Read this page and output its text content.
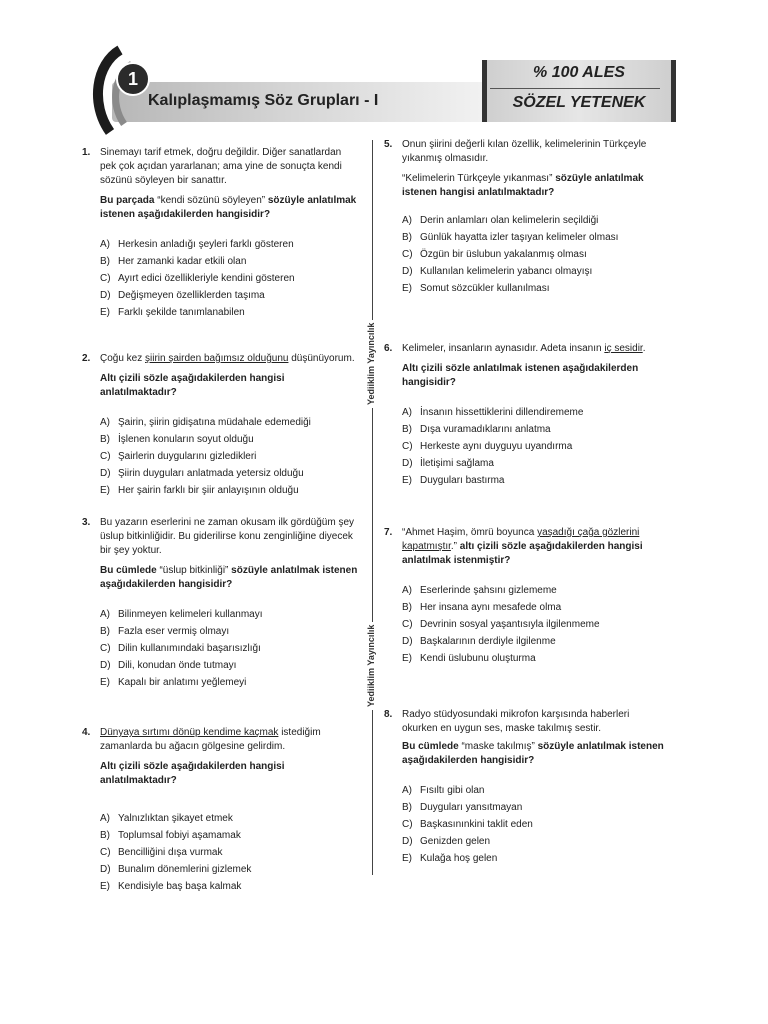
1
Kalıplaşmamış Söz Grupları - I
% 100 ALES
SÖZEL YETENEK
Yediiklim Yayıncılık
Yediiklim Yayıncılık
1. Sinemayı tarif etmek, doğru değildir. Diğer sanatlardan pek çok açıdan yararlanan; ama yine de sonuçta kendi sözünü söyleyen bir sanattır.

Bu parçada “kendi sözünü söyleyen” sözüyle anlatılmak istenen aşağıdakilerden hangisidir?

A) Herkesin anladığı şeyleri farklı gösteren
B) Her zamanki kadar etkili olan
C) Ayırt edici özellikleriyle kendini gösteren
D) Değişmeyen özelliklerden taşıma
E) Farklı şekilde tanımlanabilen
2. Çoğu kez şiirin şairden bağımsız olduğunu düşünüyorum.

Altı çizili sözle aşağıdakilerden hangisi anlatılmaktadır?

A) Şairin, şiirin gidişatına müdahale edemediği
B) İşlenen konuların soyut olduğu
C) Şairlerin duygularını gizledikleri
D) Şiirin duyguları anlatmada yetersiz olduğu
E) Her şairin farklı bir şiir anlayışının olduğu
3. Bu yazarın eserlerini ne zaman okusam ilk gördüğüm şey üslup bitkinliğidir. Bu giderilirse konu zenginliğine diyecek bir şey yoktur.

Bu cümlede “üslup bitkinliği” sözüyle anlatılmak istenen aşağıdakilerden hangisidir?

A) Bilinmeyen kelimeleri kullanmayı
B) Fazla eser vermiş olmayı
C) Dilin kullanımındaki başarısızlığı
D) Dili, konudan önde tutmayı
E) Kapalı bir anlatımı yeğlemeyi
4. Dünyaya sırtımı dönüp kendime kaçmak istediğim zamanlarda bu ağacın gölgesine gelirdim.

Altı çizili sözle aşağıdakilerden hangisi anlatılmaktadır?

A) Yalnızlıktan şikayet etmek
B) Toplumsal fobiyi aşamamak
C) Bencilliğini dışa vurmak
D) Bunalım dönemlerini gizlemek
E) Kendisiyle baş başa kalmak
5. Onun şiirini değerli kılan özellik, kelimelerinin Türkçeyle yıkanmış olmasıdır.

“Kelimelerin Türkçeyle yıkanması” sözüyle anlatılmak istenen hangisi anlatılmaktadır?

A) Derin anlamları olan kelimelerin seçildiği
B) Günlük hayatta izler taşıyan kelimeler olması
C) Özgün bir üslubun yakalanmış olması
D) Kullanılan kelimelerin yabancı olmayışı
E) Somut sözcükler kullanılması
6. Kelimeler, insanların aynasıdır. Adeta insanın iç sesidir.

Altı çizili sözle anlatılmak istenen aşağıdakilerden hangisidir?

A) İnsanın hissettiklerini dillendirememe
B) Dışa vuramadıklarını anlatma
C) Herkeste aynı duyguyu uyandırma
D) İletişimi sağlama
E) Duyguları bastırma
7. “Ahmet Haşim, ömrü boyunca yaşadığı çağa gözlerini kapatmıştır.” altı çizili sözle aşağıdakilerden hangisi anlatılmak istenmiştir?

A) Eserlerinde şahsını gizlememe
B) Her insana aynı mesafede olma
C) Devrinin sosyal yaşantısıyla ilgilenmeme
D) Başkalarının derdiyle ilgilenme
E) Kendi üslubunu oluşturma
8. Radyo stüdyosundaki mikrofon karşısında haberleri okurken en uygun ses, maske takılmış sestir.

Bu cümlede “maske takılmış” sözüyle anlatılmak istenen aşağıdakilerden hangisidir?

A) Fısıltı gibi olan
B) Duyguları yansıtmayan
C) Başkasınınkini taklit eden
D) Genizden gelen
E) Kulağa hoş gelen
